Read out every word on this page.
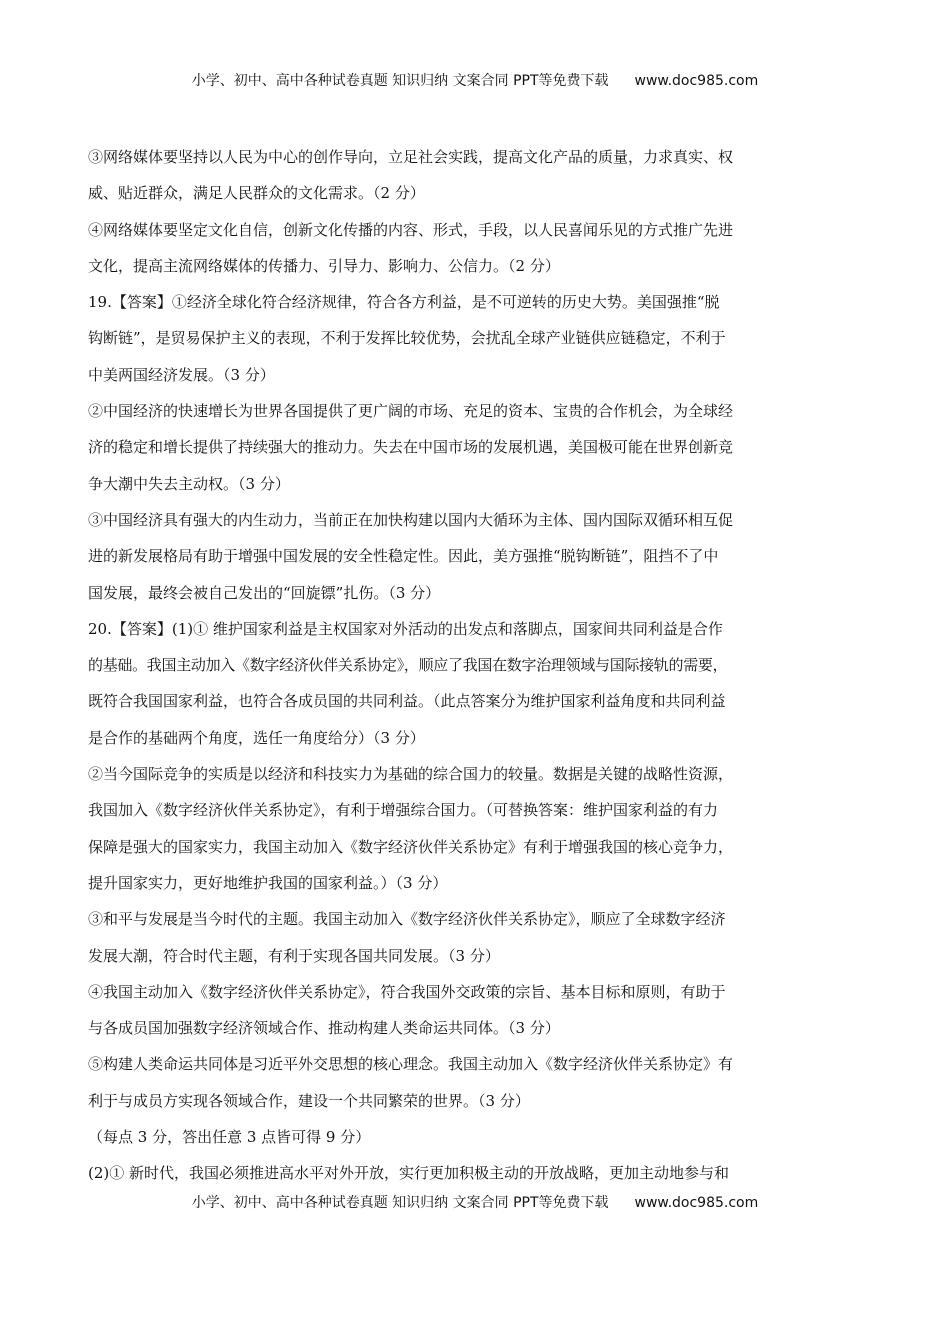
小学、初中、高中各种试卷真题 知识归纳 文案合同 PPT等免费下载 www.doc985.com
③网络媒体要坚持以人民为中心的创作导向，立足社会实践，提高文化产品的质量，力求真实、权
威、贴近群众，满足人民群众的文化需求。（2 分）
④网络媒体要坚定文化自信，创新文化传播的内容、形式，手段，以人民喜闻乐见的方式推广先进
文化，提高主流网络媒体的传播力、引导力、影响力、公信力。（2 分）
19.【答案】①经济全球化符合经济规律，符合各方利益，是不可逆转的历史大势。美国强推“脱
钩断链”，是贸易保护主义的表现，不利于发挥比较优势，会扰乱全球产业链供应链稳定，不利于
中美两国经济发展。（3 分）
②中国经济的快速增长为世界各国提供了更广阔的市场、充足的资本、宝贵的合作机会，为全球经
济的稳定和增长提供了持续强大的推动力。失去在中国市场的发展机遇，美国极可能在世界创新竞
争大潮中失去主动权。（3 分）
③中国经济具有强大的内生动力，当前正在加快构建以国内大循环为主体、国内国际双循环相互促
进的新发展格局有助于增强中国发展的安全性稳定性。因此，美方强推“脱钩断链”，阻挡不了中
国发展，最终会被自己发出的“回旋镖”扎伤。（3 分）
20.【答案】(1)① 维护国家利益是主权国家对外活动的出发点和落脚点，国家间共同利益是合作
的基础。我国主动加入《数字经济伙伴关系协定》，顺应了我国在数字治理领域与国际接轨的需要，
既符合我国国家利益，也符合各成员国的共同利益。（此点答案分为维护国家利益角度和共同利益
是合作的基础两个角度，选任一角度给分）（3 分）
②当今国际竞争的实质是以经济和科技实力为基础的综合国力的较量。数据是关键的战略性资源，
我国加入《数字经济伙伴关系协定》，有利于增强综合国力。（可替换答案：维护国家利益的有力
保障是强大的国家实力，我国主动加入《数字经济伙伴关系协定》有利于增强我国的核心竞争力，
提升国家实力，更好地维护我国的国家利益。）（3 分）
③和平与发展是当今时代的主题。我国主动加入《数字经济伙伴关系协定》，顺应了全球数字经济
发展大潮，符合时代主题，有利于实现各国共同发展。（3 分）
④我国主动加入《数字经济伙伴关系协定》，符合我国外交政策的宗旨、基本目标和原则，有助于
与各成员国加强数字经济领域合作、推动构建人类命运共同体。（3 分）
⑤构建人类命运共同体是习近平外交思想的核心理念。我国主动加入《数字经济伙伴关系协定》有
利于与成员方实现各领域合作，建设一个共同繁荣的世界。（3 分）
（每点 3 分，答出任意 3 点皆可得 9 分）
(2)① 新时代，我国必须推进高水平对外开放，实行更加积极主动的开放战略，更加主动地参与和
小学、初中、高中各种试卷真题 知识归纳 文案合同 PPT等免费下载 www.doc985.com
